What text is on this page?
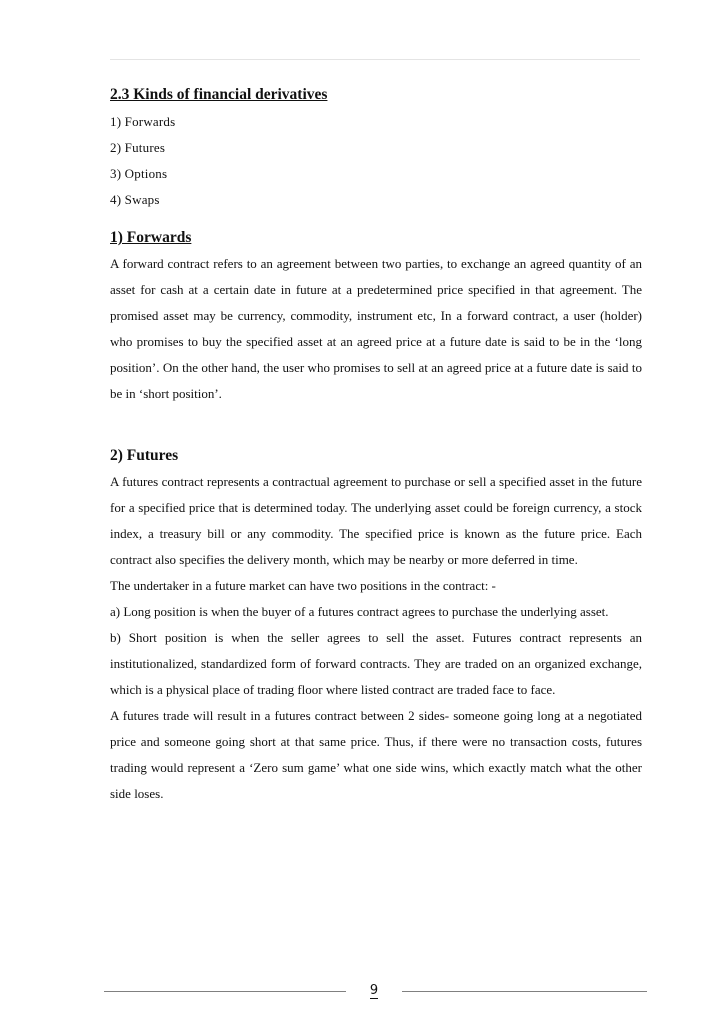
2.3 Kinds of financial derivatives
1) Forwards
2) Futures
3) Options
4) Swaps
1) Forwards

A forward contract refers to an agreement between two parties, to exchange an agreed quantity of an asset for cash at a certain date in future at a predetermined price specified in that agreement. The promised asset may be currency, commodity, instrument etc, In a forward contract, a user (holder) who promises to buy the specified asset at an agreed price at a future date is said to be in the ‘long position’. On the other hand, the user who promises to sell at an agreed price at a future date is said to be in ‘short position’.

2) Futures

A futures contract represents a contractual agreement to purchase or sell a specified asset in the future for a specified price that is determined today. The underlying asset could be foreign currency, a stock index, a treasury bill or any commodity. The specified price is known as the future price. Each contract also specifies the delivery month, which may be nearby or more deferred in time.

The undertaker in a future market can have two positions in the contract: -

a) Long position is when the buyer of a futures contract agrees to purchase the underlying asset.

b) Short position is when the seller agrees to sell the asset. Futures contract represents an institutionalized, standardized form of forward contracts. They are traded on an organized exchange, which is a physical place of trading floor where listed contract are traded face to face.

A futures trade will result in a futures contract between 2 sides- someone going long at a negotiated price and someone going short at that same price. Thus, if there were no transaction costs, futures trading would represent a ‘Zero sum game’ what one side wins, which exactly match what the other side loses.

9
